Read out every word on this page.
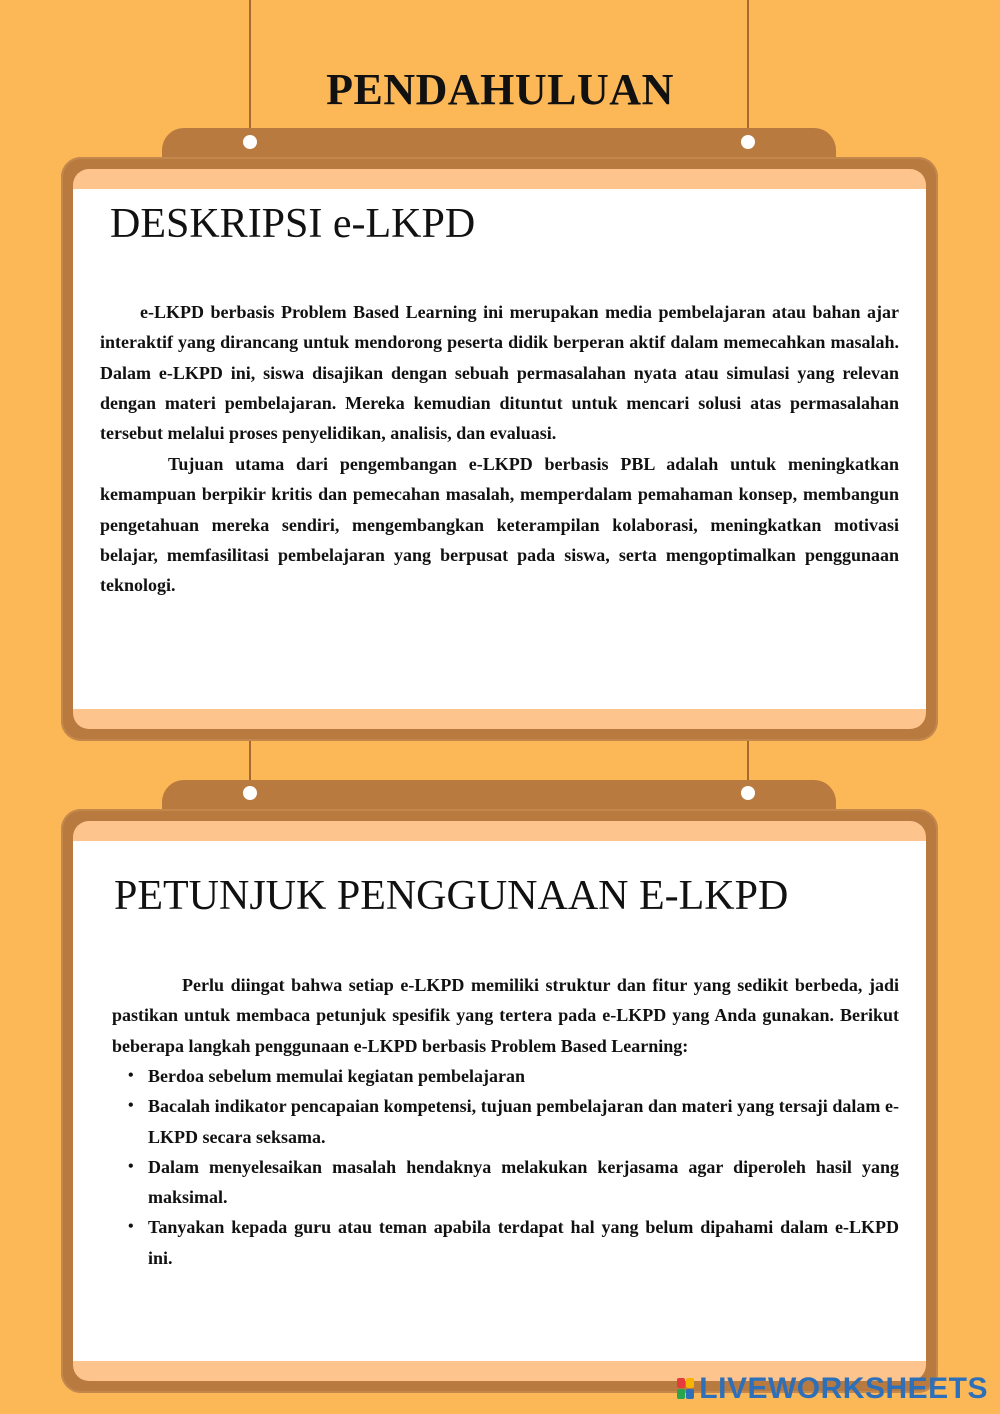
PENDAHULUAN
DESKRIPSI e-LKPD

e-LKPD berbasis Problem Based Learning ini merupakan media pembelajaran atau bahan ajar interaktif yang dirancang untuk mendorong peserta didik berperan aktif dalam memecahkan masalah. Dalam e-LKPD ini, siswa disajikan dengan sebuah permasalahan nyata atau simulasi yang relevan dengan materi pembelajaran. Mereka kemudian dituntut untuk mencari solusi atas permasalahan tersebut melalui proses penyelidikan, analisis, dan evaluasi.

Tujuan utama dari pengembangan e-LKPD berbasis PBL adalah untuk meningkatkan kemampuan berpikir kritis dan pemecahan masalah, memperdalam pemahaman konsep, membangun pengetahuan mereka sendiri, mengembangkan keterampilan kolaborasi, meningkatkan motivasi belajar, memfasilitasi pembelajaran yang berpusat pada siswa, serta mengoptimalkan penggunaan teknologi.

PETUNJUK PENGGUNAAN E-LKPD

Perlu diingat bahwa setiap e-LKPD memiliki struktur dan fitur yang sedikit berbeda, jadi pastikan untuk membaca petunjuk spesifik yang tertera pada e-LKPD yang Anda gunakan. Berikut beberapa langkah penggunaan e-LKPD berbasis Problem Based Learning:

• Berdoa sebelum memulai kegiatan pembelajaran
• Bacalah indikator pencapaian kompetensi, tujuan pembelajaran dan materi yang tersaji dalam e-LKPD secara seksama.
• Dalam menyelesaikan masalah hendaknya melakukan kerjasama agar diperoleh hasil yang maksimal.
• Tanyakan kepada guru atau teman apabila terdapat hal yang belum dipahami dalam e-LKPD ini.
LIVEWORKSHEETS
